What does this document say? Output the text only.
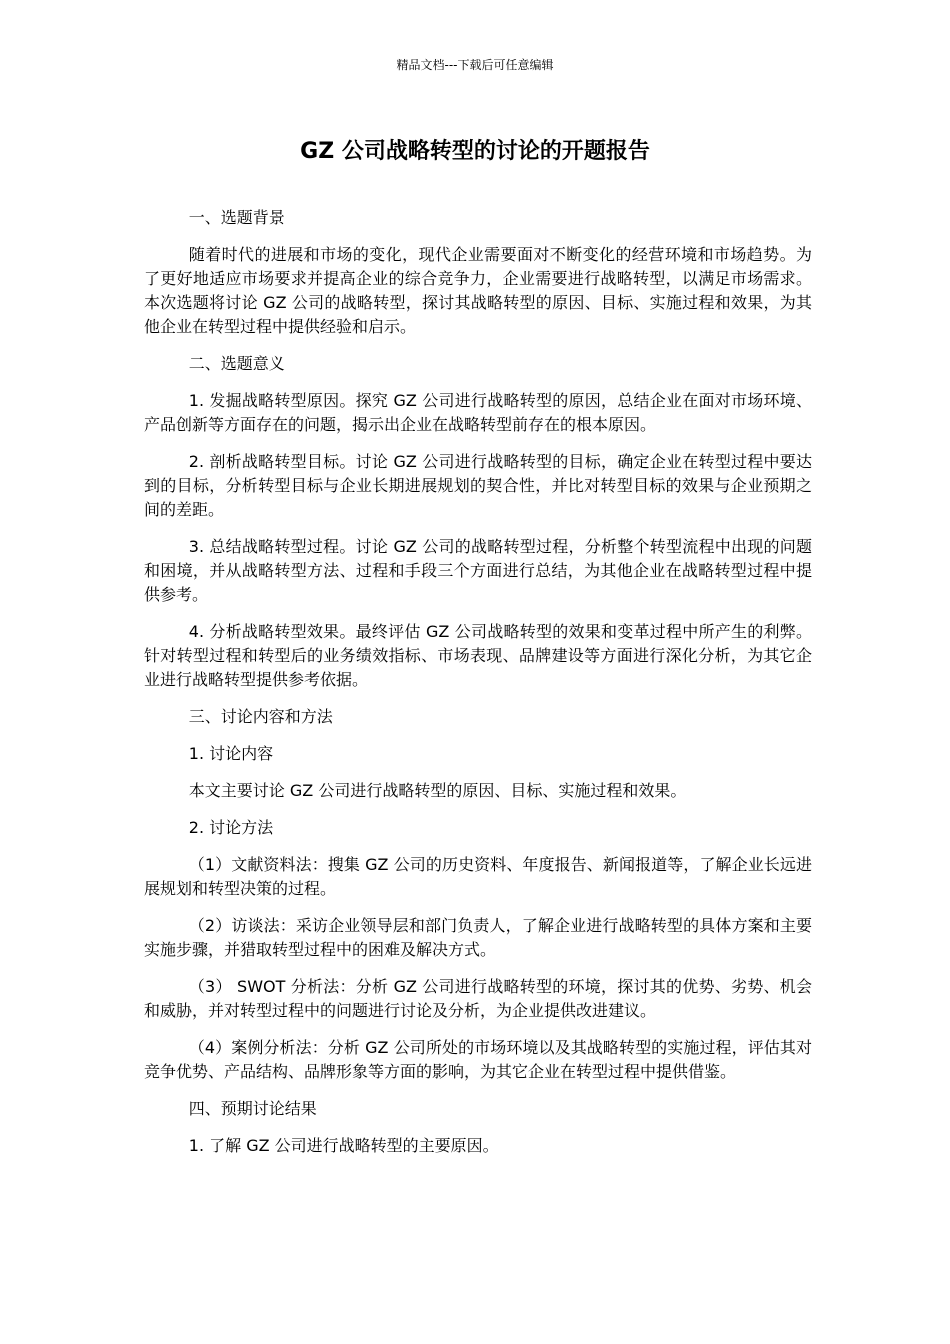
精品文档---下载后可任意编辑
GZ 公司战略转型的讨论的开题报告

一、选题背景

随着时代的进展和市场的变化，现代企业需要面对不断变化的经营环境和市场趋势。为了更好地适应市场要求并提高企业的综合竞争力，企业需要进行战略转型，以满足市场需求。本次选题将讨论 GZ 公司的战略转型，探讨其战略转型的原因、目标、实施过程和效果，为其他企业在转型过程中提供经验和启示。

二、选题意义

1. 发掘战略转型原因。探究 GZ 公司进行战略转型的原因，总结企业在面对市场环境、产品创新等方面存在的问题，揭示出企业在战略转型前存在的根本原因。

2. 剖析战略转型目标。讨论 GZ 公司进行战略转型的目标，确定企业在转型过程中要达到的目标，分析转型目标与企业长期进展规划的契合性，并比对转型目标的效果与企业预期之间的差距。

3. 总结战略转型过程。讨论 GZ 公司的战略转型过程，分析整个转型流程中出现的问题和困境，并从战略转型方法、过程和手段三个方面进行总结，为其他企业在战略转型过程中提供参考。

4. 分析战略转型效果。最终评估 GZ 公司战略转型的效果和变革过程中所产生的利弊。针对转型过程和转型后的业务绩效指标、市场表现、品牌建设等方面进行深化分析，为其它企业进行战略转型提供参考依据。

三、讨论内容和方法

1. 讨论内容

本文主要讨论 GZ 公司进行战略转型的原因、目标、实施过程和效果。

2. 讨论方法

（1）文献资料法：搜集 GZ 公司的历史资料、年度报告、新闻报道等，了解企业长远进展规划和转型决策的过程。

（2）访谈法：采访企业领导层和部门负责人，了解企业进行战略转型的具体方案和主要实施步骤，并猎取转型过程中的困难及解决方式。

（3） SWOT 分析法：分析 GZ 公司进行战略转型的环境，探讨其的优势、劣势、机会和威胁，并对转型过程中的问题进行讨论及分析，为企业提供改进建议。

（4）案例分析法：分析 GZ 公司所处的市场环境以及其战略转型的实施过程，评估其对竞争优势、产品结构、品牌形象等方面的影响，为其它企业在转型过程中提供借鉴。

四、预期讨论结果

1. 了解 GZ 公司进行战略转型的主要原因。
